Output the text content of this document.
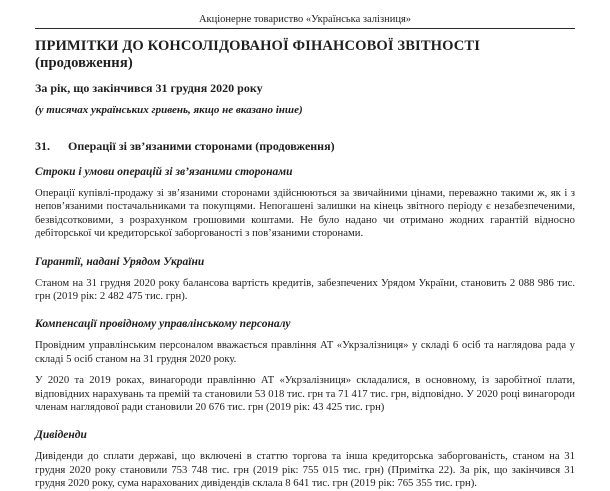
Акціонерне товариство «Українська залізниця»
ПРИМІТКИ ДО КОНСОЛІДОВАНОЇ ФІНАНСОВОЇ ЗВІТНОСТІ (продовження)
За рік, що закінчився 31 грудня 2020 року
(у тисячах українських гривень, якщо не вказано інше)
31.	Операції зі зв’язаними сторонами (продовження)
Строки і умови операцій зі зв’язаними сторонами

Операції купівлі-продажу зі зв’язаними сторонами здійснюються за звичайними цінами, переважно такими ж, як і з непов’язаними постачальниками та покупцями. Непогашені залишки на кінець звітного періоду є незабезпеченими, безвідсотковими, з розрахунком грошовими коштами. Не було надано чи отримано жодних гарантій відносно дебіторської чи кредиторської заборгованості з пов’язаними сторонами.

Гарантії, надані Урядом України

Станом на 31 грудня 2020 року балансова вартість кредитів, забезпечених Урядом України, становить 2 088 986 тис. грн (2019 рік: 2 482 475 тис. грн).

Компенсації провідному управлінському персоналу

Провідним управлінським персоналом вважається правління АТ «Укрзалізниця» у складі 6 осіб та наглядова рада у складі 5 осіб станом на 31 грудня 2020 року.

У 2020 та 2019 роках, винагороди правлінню АТ «Укрзалізниця» складалися, в основному, із заробітної плати, відповідних нарахувань та премій та становили 53 018 тис. грн та 71 417 тис. грн, відповідно. У 2020 році винагороди членам наглядової ради становили 20 676 тис. грн (2019 рік: 43 425 тис. грн)

Дивіденди

Дивіденди до сплати державі, що включені в статтю торгова та інша кредиторська заборгованість, станом на 31 грудня 2020 року становили 753 748 тис. грн (2019 рік: 755 015 тис. грн) (Примітка 22). За рік, що закінчився 31 грудня 2020 року, сума нарахованих дивідендів склала 8 641 тис. грн (2019 рік: 765 355 тис. грн).
